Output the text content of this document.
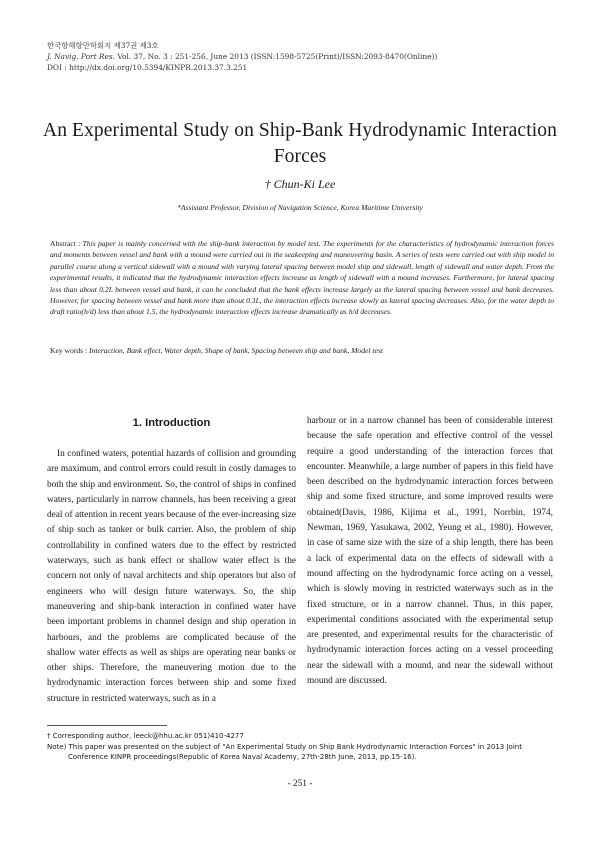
한국항해항만학회지 제37권 제3호
J. Navig. Port Res. Vol. 37, No. 3 : 251-256, June 2013 (ISSN:1598-5725(Print)/ISSN:2093-8470(Online))
DOI : http://dx.doi.org/10.5394/KINPR.2013.37.3.251
An Experimental Study on Ship-Bank Hydrodynamic Interaction Forces
† Chun-Ki Lee
*Assistant Professor, Division of Navigation Science, Korea Maritime University
Abstract : This paper is mainly concerned with the ship-bank interaction by model test. The experiments for the characteristics of hydrodynamic interaction forces and moments between vessel and bank with a mound were carried out in the seakeeping and maneuvering basin. A series of tests were carried out with ship model in parallel course along a vertical sidewall with a mound with varying lateral spacing between model ship and sidewall, length of sidewall and water depth. From the experimental results, it indicated that the hydrodynamic interaction effects increase as length of sidewall with a mound increases. Furthermore, for lateral spacing less than about 0.2L between vessel and bank, it can be concluded that the bank effects increase largely as the lateral spacing between vessel and bank decreases. However, for spacing between vessel and bank more than about 0.3L, the interaction effects increase slowly as lateral spacing decreases. Also, for the water depth to draft ratio(h/d) less than about 1.5, the hydrodynamic interaction effects increase dramatically as h/d decreases.
Key words : Interaction, Bank effect, Water depth, Shape of bank, Spacing between ship and bank, Model test
1. Introduction

In confined waters, potential hazards of collision and grounding are maximum, and control errors could result in costly damages to both the ship and environment. So, the control of ships in confined waters, particularly in narrow channels, has been receiving a great deal of attention in recent years because of the ever-increasing size of ship such as tanker or bulk carrier. Also, the problem of ship controllability in confined waters due to the effect by restricted waterways, such as bank effect or shallow water effect is the concern not only of naval architects and ship operators but also of engineers who will design future waterways. So, the ship maneuvering and ship-bank interaction in confined water have been important problems in channel design and ship operation in harbours, and the problems are complicated because of the shallow water effects as well as ships are operating near banks or other ships. Therefore, the maneuvering motion due to the hydrodynamic interaction forces between ship and some fixed structure in restricted waterways, such as in a

harbour or in a narrow channel has been of considerable interest because the safe operation and effective control of the vessel require a good understanding of the interaction forces that encounter. Meanwhile, a large number of papers in this field have been described on the hydrodynamic interaction forces between ship and some fixed structure, and some improved results were obtained(Davis, 1986, Kijima et al., 1991, Norrbin, 1974, Newman, 1969, Yasukawa, 2002, Yeung et al., 1980). However, in case of same size with the size of a ship length, there has been a lack of experimental data on the effects of sidewall with a mound affecting on the hydrodynamic force acting on a vessel, which is slowly moving in restricted waterways such as in the fixed structure, or in a narrow channel. Thus, in this paper, experimental conditions associated with the experimental setup are presented, and experimental results for the characteristic of hydrodynamic interaction forces acting on a vessel proceeding near the sidewall with a mound, and near the sidewall without mound are discussed.

† Corresponding author, leeck@hhu.ac.kr 051)410-4277
Note) This paper was presented on the subject of "An Experimental Study on Ship Bank Hydrodynamic Interaction Forces" in 2013 Joint
Conference KINPR proceedings(Republic of Korea Naval Academy, 27th-28th June, 2013, pp.15-16).
- 251 -
